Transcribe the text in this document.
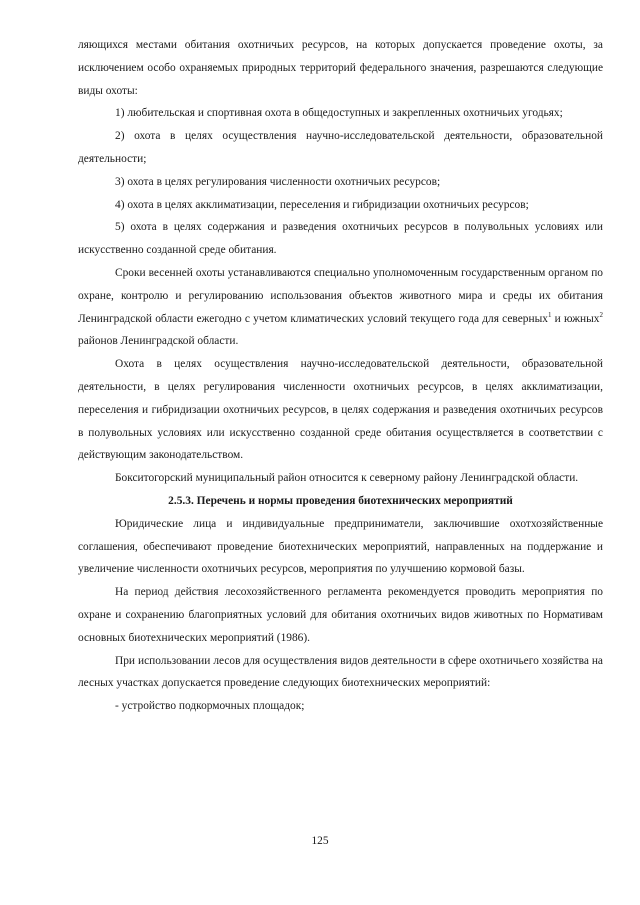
ляющихся местами обитания охотничьих ресурсов, на которых допускается проведение охоты, за исключением особо охраняемых природных территорий федерального значения, разрешаются следующие виды охоты:

1) любительская и спортивная охота в общедоступных и закрепленных охотничьих угодьях;

2) охота в целях осуществления научно-исследовательской деятельности, образовательной деятельности;

3) охота в целях регулирования численности охотничьих ресурсов;

4) охота в целях акклиматизации, переселения и гибридизации охотничьих ресурсов;

5) охота в целях содержания и разведения охотничьих ресурсов в полувольных условиях или искусственно созданной среде обитания.

Сроки весенней охоты устанавливаются специально уполномоченным государственным органом по охране, контролю и регулированию использования объектов животного мира и среды их обитания Ленинградской области ежегодно с учетом климатических условий текущего года для северных$^1$ и южных$^2$ районов Ленинградской области.

Охота в целях осуществления научно-исследовательской деятельности, образовательной деятельности, в целях регулирования численности охотничьих ресурсов, в целях акклиматизации, переселения и гибридизации охотничьих ресурсов, в целях содержания и разведения охотничьих ресурсов в полувольных условиях или искусственно созданной среде обитания осуществляется в соответствии с действующим законодательством.

Бокситогорский муниципальный район относится к северному району Ленинградской области.

2.5.3. Перечень и нормы проведения биотехнических мероприятий

Юридические лица и индивидуальные предприниматели, заключившие охотхозяйственные соглашения, обеспечивают проведение биотехнических мероприятий, направленных на поддержание и увеличение численности охотничьих ресурсов, мероприятия по улучшению кормовой базы.

На период действия лесохозяйственного регламента рекомендуется проводить мероприятия по охране и сохранению благоприятных условий для обитания охотничьих видов животных по Нормативам основных биотехнических мероприятий (1986).

При использовании лесов для осуществления видов деятельности в сфере охотничьего хозяйства на лесных участках допускается проведение следующих биотехнических мероприятий:

- устройство подкормочных площадок;

125
